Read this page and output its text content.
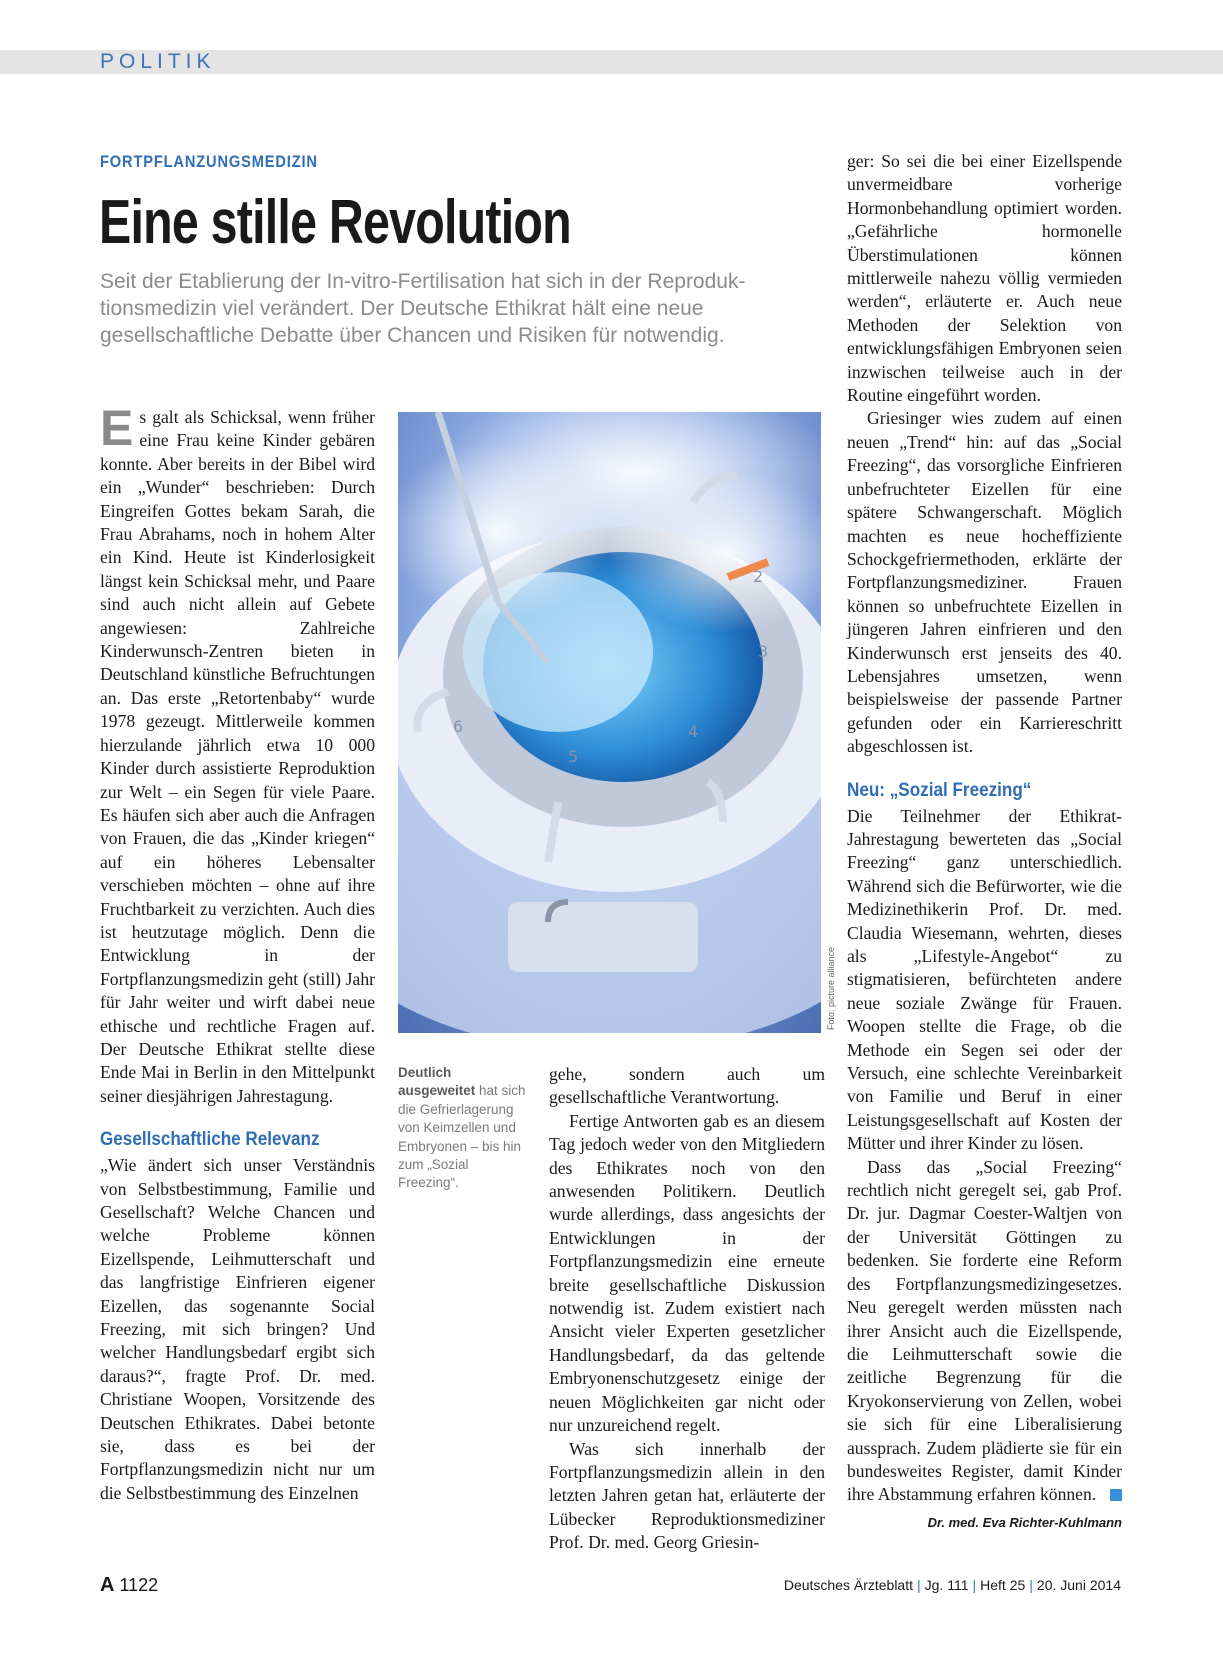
POLITIK
FORTPFLANZUNGSMEDIZIN
Eine stille Revolution
Seit der Etablierung der In-vitro-Fertilisation hat sich in der Reproduk-
tionsmedizin viel verändert. Der Deutsche Ethikrat hält eine neue
gesellschaftliche Debatte über Chancen und Risiken für notwendig.

Es galt als Schicksal, wenn früher eine Frau keine Kinder gebären konnte. Aber bereits in der Bibel wird ein „Wunder“ beschrieben: Durch Eingreifen Gottes bekam Sarah, die Frau Abrahams, noch in hohem Alter ein Kind. Heute ist Kinderlosigkeit längst kein Schicksal mehr, und Paare sind auch nicht allein auf Gebete angewiesen: Zahlreiche Kinderwunsch-Zentren bieten in Deutschland künstliche Befruchtungen an. Das erste „Retortenbaby“ wurde 1978 gezeugt. Mittlerweile kommen hierzulande jährlich etwa 10 000 Kinder durch assistierte Reproduktion zur Welt – ein Segen für viele Paare. Es häufen sich aber auch die Anfragen von Frauen, die das „Kinder kriegen“ auf ein höheres Lebensalter verschieben möchten – ohne auf ihre Fruchtbarkeit zu verzichten. Auch dies ist heutzutage möglich. Denn die Entwicklung in der Fortpflanzungsmedizin geht (still) Jahr für Jahr weiter und wirft dabei neue ethische und rechtliche Fragen auf. Der Deutsche Ethikrat stellte diese Ende Mai in Berlin in den Mittelpunkt seiner diesjährigen Jahrestagung.

Gesellschaftliche Relevanz

„Wie ändert sich unser Verständnis von Selbstbestimmung, Familie und Gesellschaft? Welche Chancen und welche Probleme können Eizellspende, Leihmutterschaft und das langfristige Einfrieren eigener Eizellen, das sogenannte Social Freezing, mit sich bringen? Und welcher Handlungsbedarf ergibt sich daraus?“, fragte Prof. Dr. med. Christiane Woopen, Vorsitzende des Deutschen Ethikrates. Dabei betonte sie, dass es bei der Fortpflanzungsmedizin nicht nur um die Selbstbestimmung des Einzelnen

5
4
3
2
6
Foto: picture alliance
Deutlich ausgeweitet hat sich die Gefrierlagerung von Keimzellen und Embryonen – bis hin zum „Sozial Freezing“.

gehe, sondern auch um gesellschaftliche Verantwortung.

Fertige Antworten gab es an diesem Tag jedoch weder von den Mitgliedern des Ethikrates noch von den anwesenden Politikern. Deutlich wurde allerdings, dass angesichts der Entwicklungen in der Fortpflanzungsmedizin eine erneute breite gesellschaftliche Diskussion notwendig ist. Zudem existiert nach Ansicht vieler Experten gesetzlicher Handlungsbedarf, da das geltende Embryonenschutzgesetz einige der neuen Möglichkeiten gar nicht oder nur unzureichend regelt.

Was sich innerhalb der Fortpflanzungsmedizin allein in den letzten Jahren getan hat, erläuterte der Lübecker Reproduktionsmediziner Prof. Dr. med. Georg Griesin-

ger: So sei die bei einer Eizellspende unvermeidbare vorherige Hormonbehandlung optimiert worden. „Gefährliche hormonelle Überstimulationen können mittlerweile nahezu völlig vermieden werden“, erläuterte er. Auch neue Methoden der Selektion von entwicklungsfähigen Embryonen seien inzwischen teilweise auch in der Routine eingeführt worden.

Griesinger wies zudem auf einen neuen „Trend“ hin: auf das „Social Freezing“, das vorsorgliche Einfrieren unbefruchteter Eizellen für eine spätere Schwangerschaft. Möglich machten es neue hocheffiziente Schockgefriermethoden, erklärte der Fortpflanzungsmediziner. Frauen können so unbefruchtete Eizellen in jüngeren Jahren einfrieren und den Kinderwunsch erst jenseits des 40. Lebensjahres umsetzen, wenn beispielsweise der passende Partner gefunden oder ein Karriereschritt abgeschlossen ist.

Neu: „Sozial Freezing“

Die Teilnehmer der Ethikrat-Jahrestagung bewerteten das „Social Freezing“ ganz unterschiedlich. Während sich die Befürworter, wie die Medizinethikerin Prof. Dr. med. Claudia Wiesemann, wehrten, dieses als „Lifestyle-Angebot“ zu stigmatisieren, befürchteten andere neue soziale Zwänge für Frauen. Woopen stellte die Frage, ob die Methode ein Segen sei oder der Versuch, eine schlechte Vereinbarkeit von Familie und Beruf in einer Leistungsgesellschaft auf Kosten der Mütter und ihrer Kinder zu lösen.

Dass das „Social Freezing“ rechtlich nicht geregelt sei, gab Prof. Dr. jur. Dagmar Coester-Waltjen von der Universität Göttingen zu bedenken. Sie forderte eine Reform des Fortpflanzungsmedizingesetzes. Neu geregelt werden müssten nach ihrer Ansicht auch die Eizellspende, die Leihmutterschaft sowie die zeitliche Begrenzung für die Kryokonservierung von Zellen, wobei sie sich für eine Liberalisierung aussprach. Zudem plädierte sie für ein bundesweites Register, damit Kinder ihre Abstammung erfahren können.

Dr. med. Eva Richter-Kuhlmann
A 1122	Deutsches Ärzteblatt | Jg. 111 | Heft 25 | 20. Juni 2014
